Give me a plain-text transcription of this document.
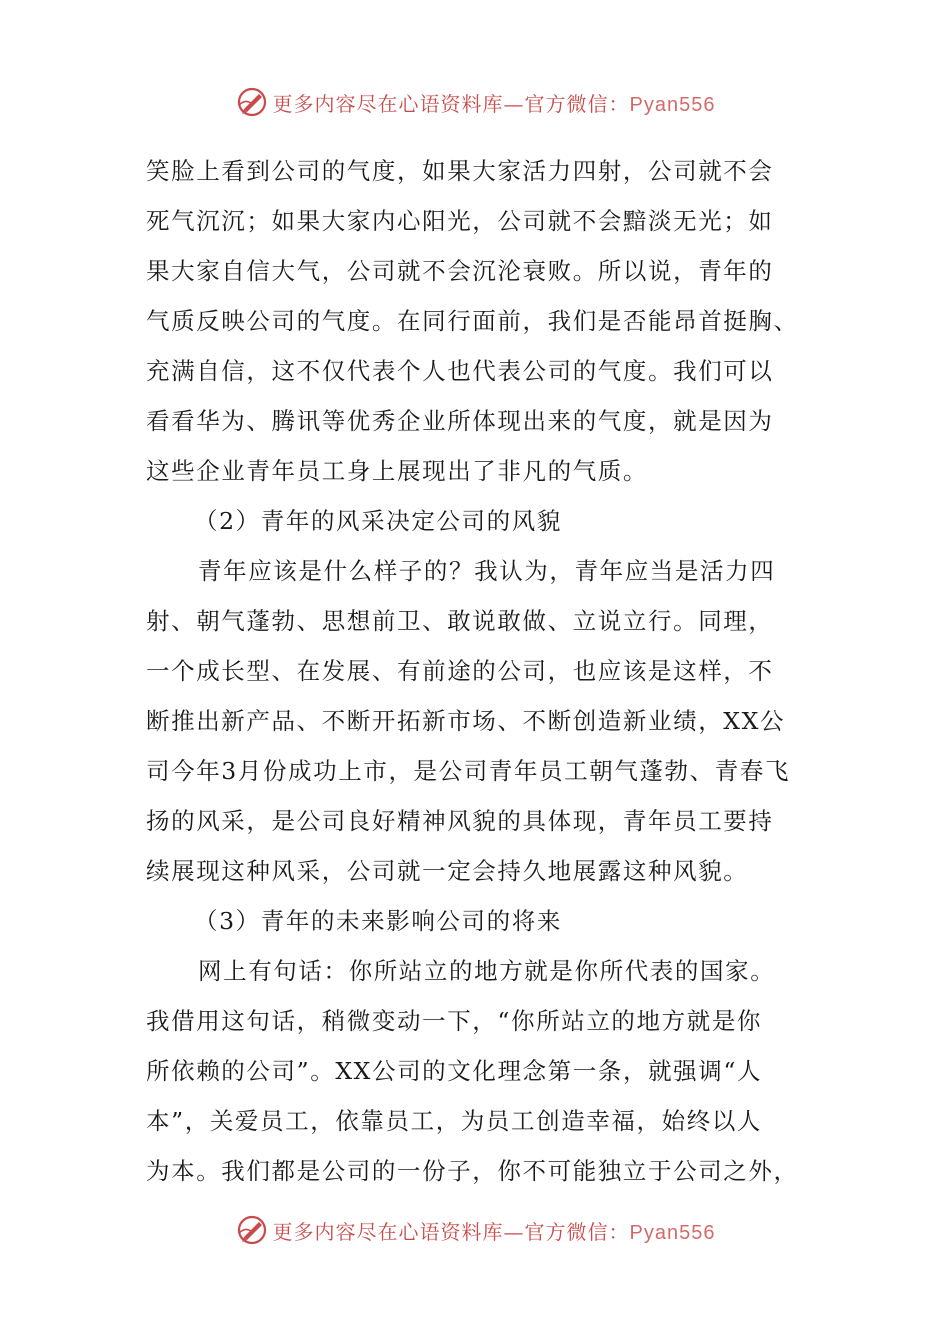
更多内容尽在心语资料库—官方微信：Pyan556
笑脸上看到公司的气度，如果大家活力四射，公司就不会
死气沉沉；如果大家内心阳光，公司就不会黯淡无光；如
果大家自信大气，公司就不会沉沦衰败。所以说，青年的
气质反映公司的气度。在同行面前，我们是否能昂首挺胸、
充满自信，这不仅代表个人也代表公司的气度。我们可以
看看华为、腾讯等优秀企业所体现出来的气度，就是因为
这些企业青年员工身上展现出了非凡的气质。
（2）青年的风采决定公司的风貌
青年应该是什么样子的？我认为，青年应当是活力四
射、朝气蓬勃、思想前卫、敢说敢做、立说立行。同理，
一个成长型、在发展、有前途的公司，也应该是这样，不
断推出新产品、不断开拓新市场、不断创造新业绩，XX公
司今年3月份成功上市，是公司青年员工朝气蓬勃、青春飞
扬的风采，是公司良好精神风貌的具体现，青年员工要持
续展现这种风采，公司就一定会持久地展露这种风貌。
（3）青年的未来影响公司的将来
网上有句话：你所站立的地方就是你所代表的国家。
我借用这句话，稍微变动一下，“你所站立的地方就是你
所依赖的公司”。XX公司的文化理念第一条，就强调“人
本”，关爱员工，依靠员工，为员工创造幸福，始终以人
为本。我们都是公司的一份子，你不可能独立于公司之外，
更多内容尽在心语资料库—官方微信：Pyan556
